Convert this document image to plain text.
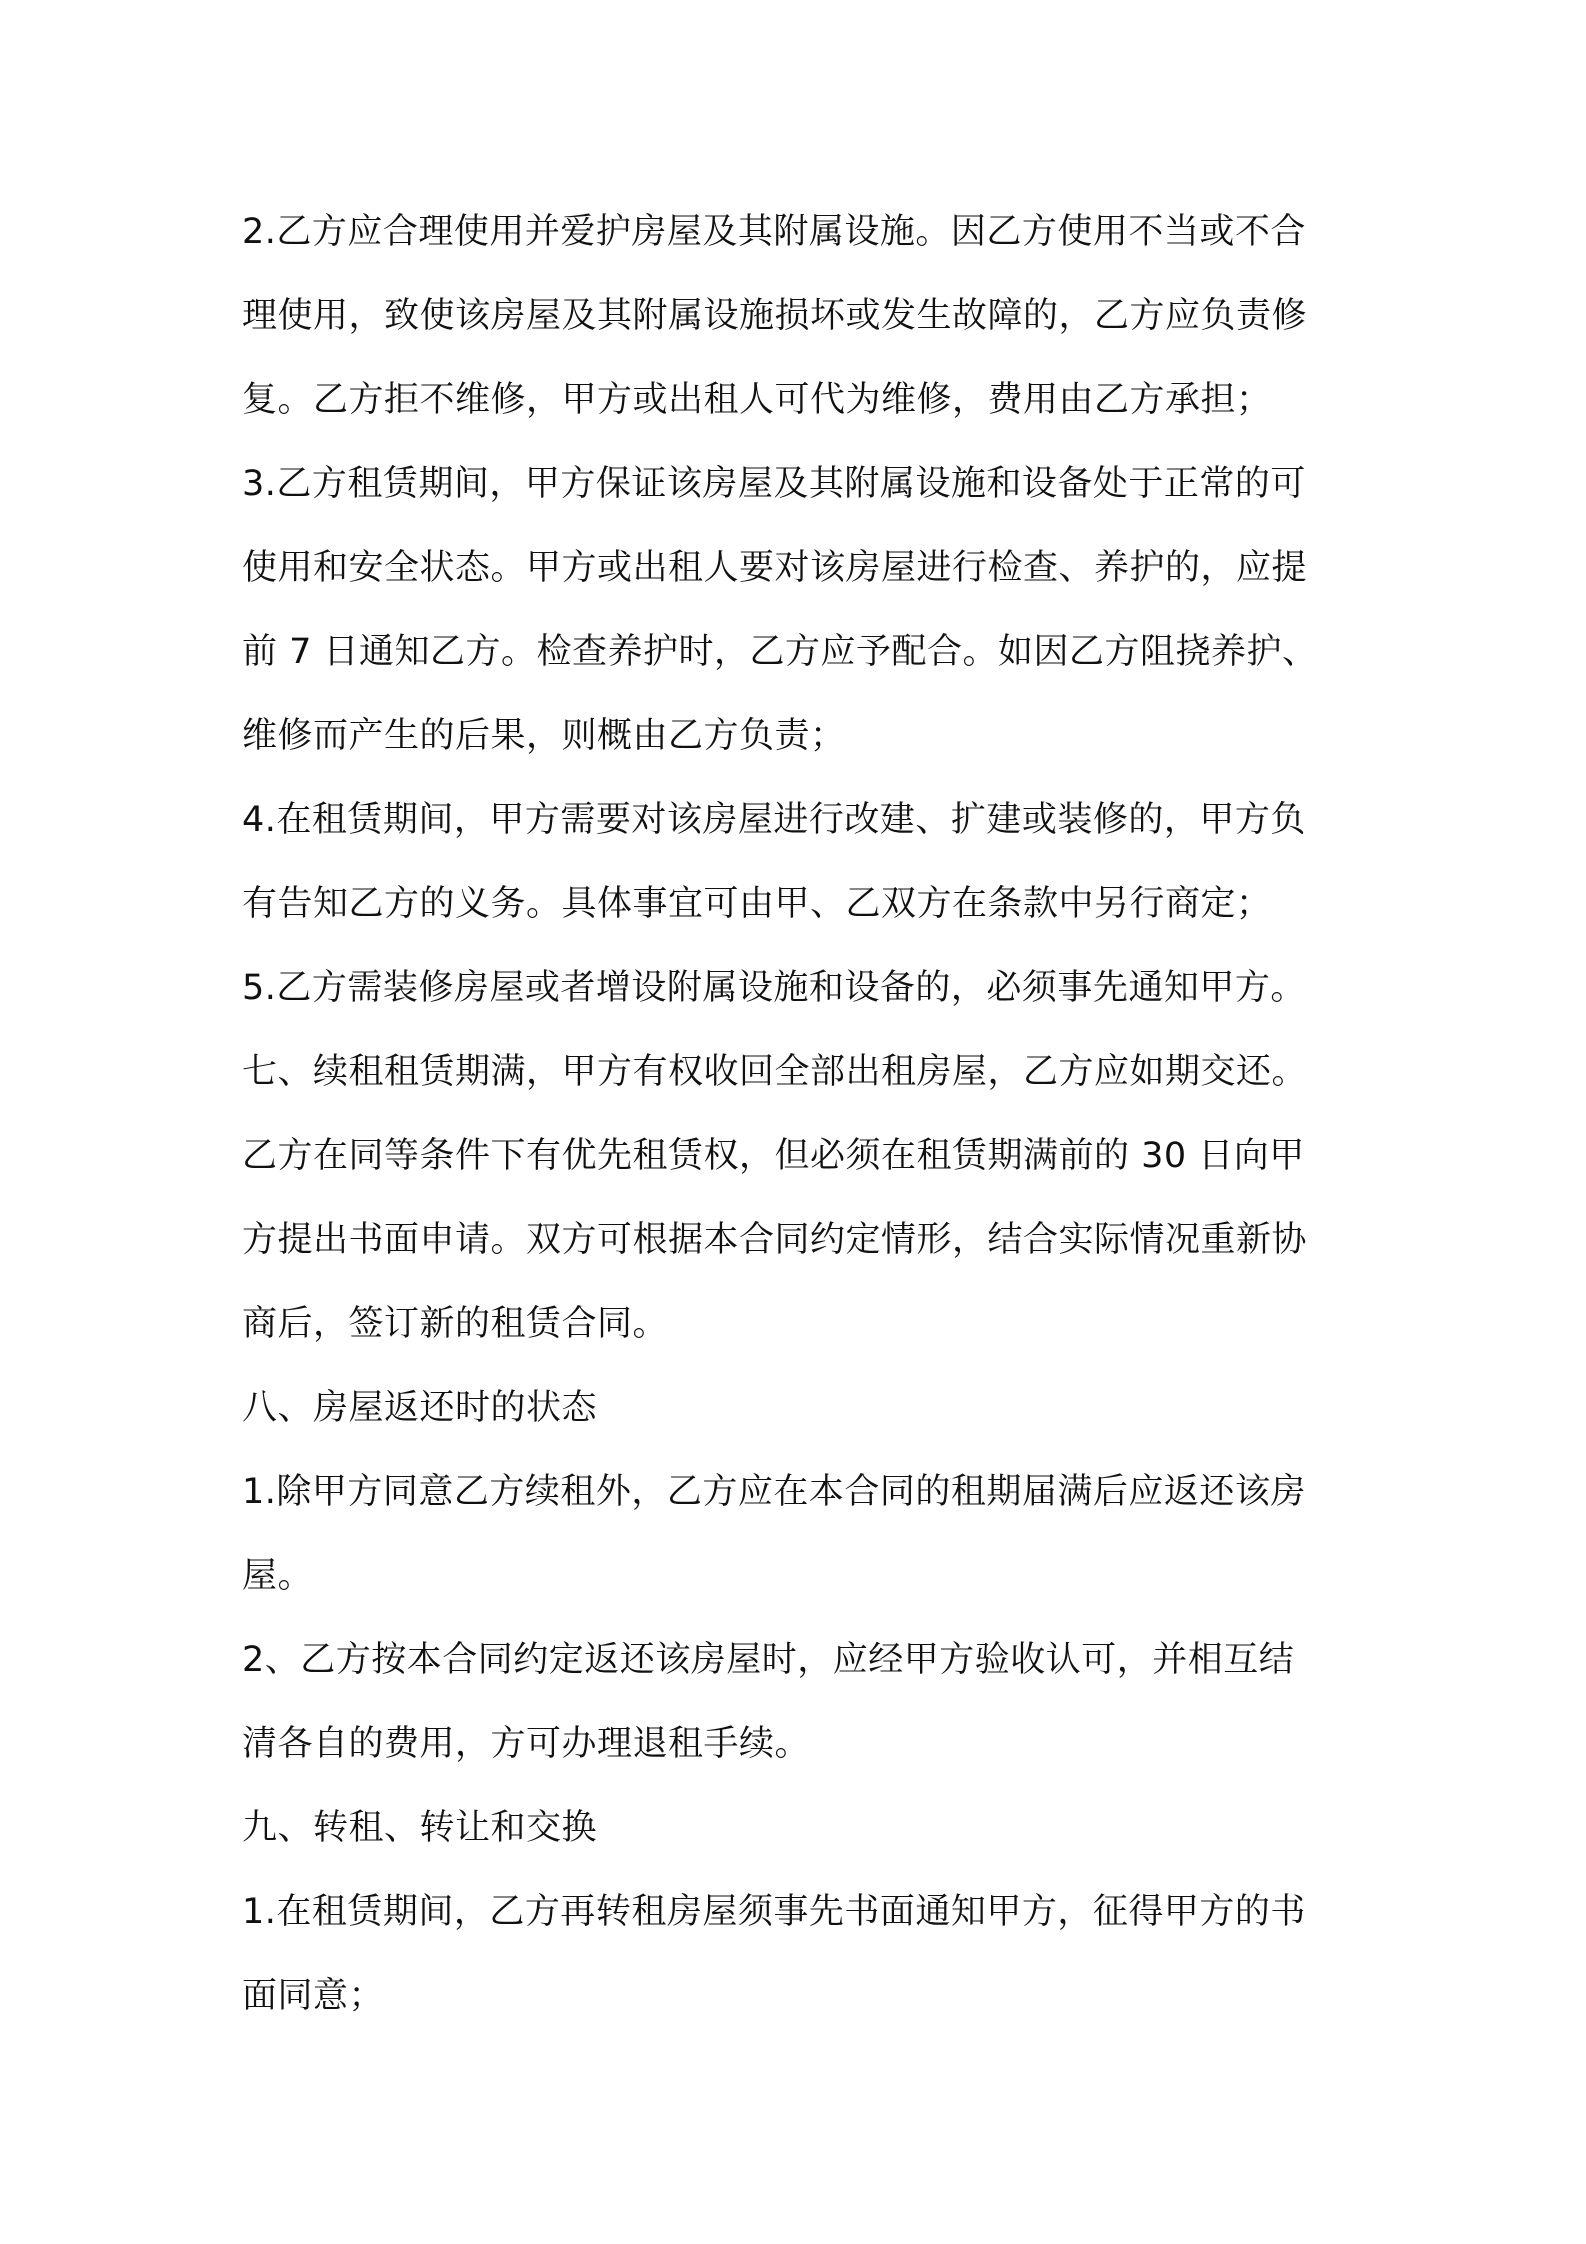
2.乙方应合理使用并爱护房屋及其附属设施。因乙方使用不当或不合
理使用，致使该房屋及其附属设施损坏或发生故障的，乙方应负责修
复。乙方拒不维修，甲方或出租人可代为维修，费用由乙方承担；
3.乙方租赁期间，甲方保证该房屋及其附属设施和设备处于正常的可
使用和安全状态。甲方或出租人要对该房屋进行检查、养护的，应提
前 7 日通知乙方。检查养护时，乙方应予配合。如因乙方阻挠养护、
维修而产生的后果，则概由乙方负责；
4.在租赁期间，甲方需要对该房屋进行改建、扩建或装修的，甲方负
有告知乙方的义务。具体事宜可由甲、乙双方在条款中另行商定；
5.乙方需装修房屋或者增设附属设施和设备的，必须事先通知甲方。
七、续租租赁期满，甲方有权收回全部出租房屋，乙方应如期交还。
乙方在同等条件下有优先租赁权，但必须在租赁期满前的 30 日向甲
方提出书面申请。双方可根据本合同约定情形，结合实际情况重新协
商后，签订新的租赁合同。
八、房屋返还时的状态
1.除甲方同意乙方续租外，乙方应在本合同的租期届满后应返还该房
屋。
2、乙方按本合同约定返还该房屋时，应经甲方验收认可，并相互结
清各自的费用，方可办理退租手续。
九、转租、转让和交换
1.在租赁期间，乙方再转租房屋须事先书面通知甲方，征得甲方的书
面同意；
